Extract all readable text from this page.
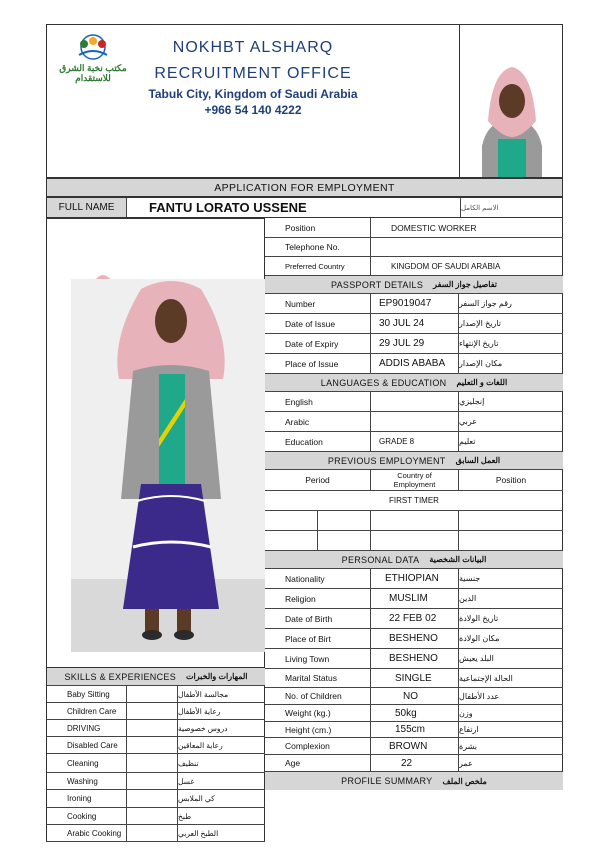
مكتب نخبة الشرق للاستقدام
NOKHBT ALSHARQ
RECRUITMENT OFFICE
Tabuk City, Kingdom of Saudi Arabia
+966 54 140 4222
APPLICATION FOR EMPLOYMENT
FULL NAME	FANTU LORATO USSENE	الاسم الكامل
Position	DOMESTIC WORKER
Telephone No.
Preferred Country	KINGDOM OF SAUDI ARABIA
PASSPORT DETAILS تفاصيل جواز السفر
Number	EP9019047	رقم جواز السفر
Date of Issue	30 JUL 24	تاريخ الإصدار
Date of Expiry	29 JUL 29	تاريخ الإنتهاء
Place of Issue	ADDIS ABABA	مكان الإصدار
LANGUAGES & EDUCATION اللغات و التعليم
English	إنجليزي
Arabic	عربي
Education	GRADE 8	تعليم
PREVIOUS EMPLOYMENT العمل السابق
Period	Country of Employment	Position
FIRST TIMER
PERSONAL DATA البيانات الشخصية
Nationality	ETHIOPIAN	جنسية
Religion	MUSLIM	الدين
Date of Birth	22 FEB 02	تاريخ الولادة
Place of Birt	BESHENO	مكان الولادة
Living Town	BESHENO	البلد يعيش
Marital Status	SINGLE	الحالة الإجتماعية
No. of Children	NO	عدد الأطفال
Weight (kg.)	50kg	وزن
Height (cm.)	155cm	ارتفاع
Complexion	BROWN	بشرة
Age	22	عمر
PROFILE SUMMARY ملخص الملف
SKILLS & EXPERIENCES المهارات والخبرات
Baby Sitting	مجالسة الأطفال
Children Care	رعاية الأطفال
DRIVING	دروس خصوصية
Disabled Care	رعاية المعاقين
Cleaning	تنظيف
Washing	غسل
Ironing	كي الملابس
Cooking	طبخ
Arabic Cooking	الطبخ العربي
